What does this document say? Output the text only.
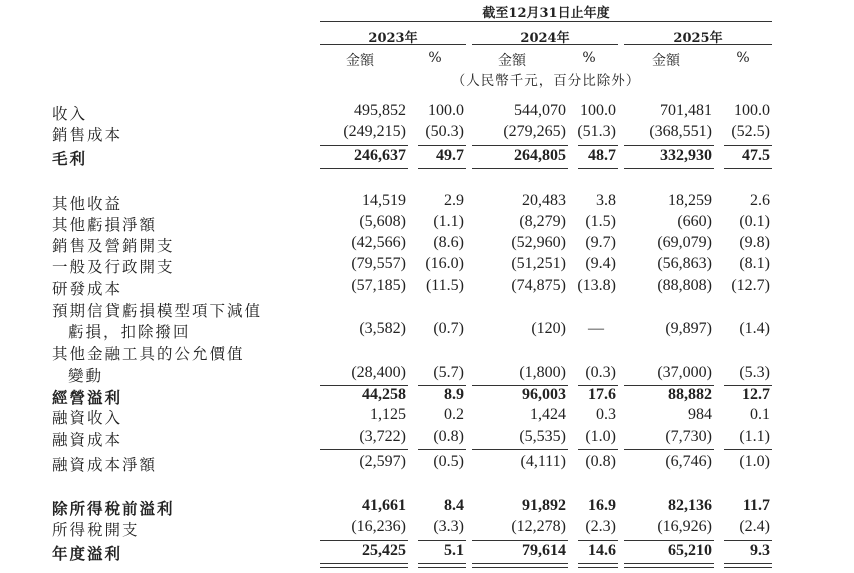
截至12月31日止年度
2023年	2024年	2025年
金額	%	金額	%	金額	%
（人民幣千元，百分比除外）
收入	495,852	100.0	544,070 100.0	701,481	100.0
銷售成本	(249,215)	(50.3)	(279,265) (51.3)	(368,551)	(52.5)
毛利	246,637	49.7	264,805	48.7	332,930	47.5
其他收益	14,519	2.9	20,483	3.8	18,259	2.6
其他虧損淨額	(5,608)	(1.1)	(8,279)	(1.5)	(660)	(0.1)
銷售及營銷開支	(42,566)	(8.6)	(52,960)	(9.7)	(69,079)	(9.8)
一般及行政開支	(79,557)	(16.0)	(51,251)	(9.4)	(56,863)	(8.1)
研發成本	(57,185)	(11.5)	(74,875) (13.8)	(88,808)	(12.7)
預期信貸虧損模型項下減值
虧損，扣除撥回	(3,582)	(0.7)	(120)	—	(9,897)	(1.4)
其他金融工具的公允價值
變動	(28,400)	(5.7)	(1,800)	(0.3)	(37,000)	(5.3)
經營溢利	44,258	8.9	96,003	17.6	88,882	12.7
融資收入	1,125	0.2	1,424	0.3	984	0.1
融資成本	(3,722)	(0.8)	(5,535)	(1.0)	(7,730)	(1.1)
融資成本淨額	(2,597)	(0.5)	(4,111)	(0.8)	(6,746)	(1.0)
除所得稅前溢利	41,661	8.4	91,892	16.9	82,136	11.7
所得稅開支	(16,236)	(3.3)	(12,278)	(2.3)	(16,926)	(2.4)
年度溢利	25,425	5.1	79,614	14.6	65,210	9.3
